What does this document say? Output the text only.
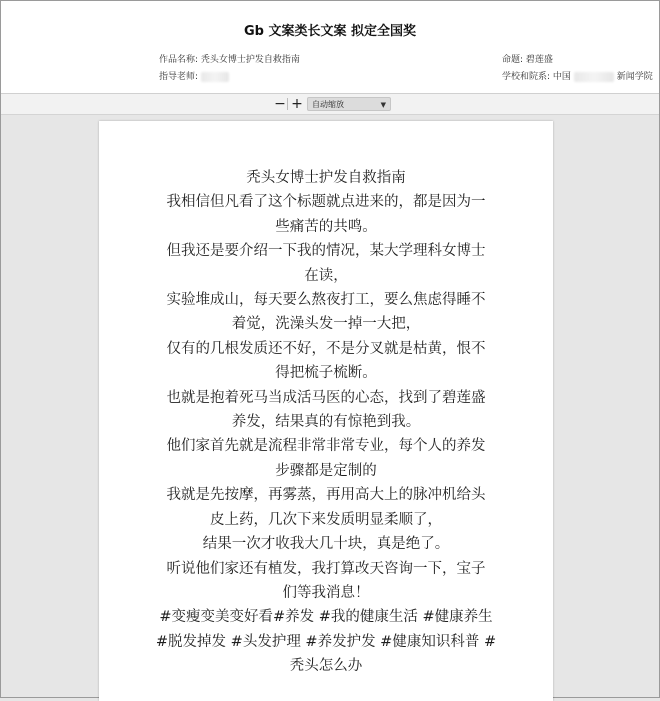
Gb 文案类长文案 拟定全国奖
作品名称: 秃头女博士护发自救指南	命题: 碧莲盛
指导老师:	学校和院系: 中国	新闻学院
− +	自动缩放	▼

秃头女博士护发自救指南

我相信但凡看了这个标题就点进来的，都是因为一

些痛苦的共鸣。

但我还是要介绍一下我的情况，某大学理科女博士

在读，

实验堆成山，每天要么熬夜打工，要么焦虑得睡不

着觉，洗澡头发一掉一大把，

仅有的几根发质还不好，不是分叉就是枯黄，恨不

得把梳子梳断。

也就是抱着死马当成活马医的心态，找到了碧莲盛

养发，结果真的有惊艳到我。

他们家首先就是流程非常非常专业，每个人的养发

步骤都是定制的

我就是先按摩，再雾蒸，再用高大上的脉冲机给头

皮上药，几次下来发质明显柔顺了，

结果一次才收我大几十块，真是绝了。

听说他们家还有植发，我打算改天咨询一下，宝子

们等我消息！

#变瘦变美变好看#养发 #我的健康生活 #健康养生

#脱发掉发 #头发护理 #养发护发 #健康知识科普 #

秃头怎么办
